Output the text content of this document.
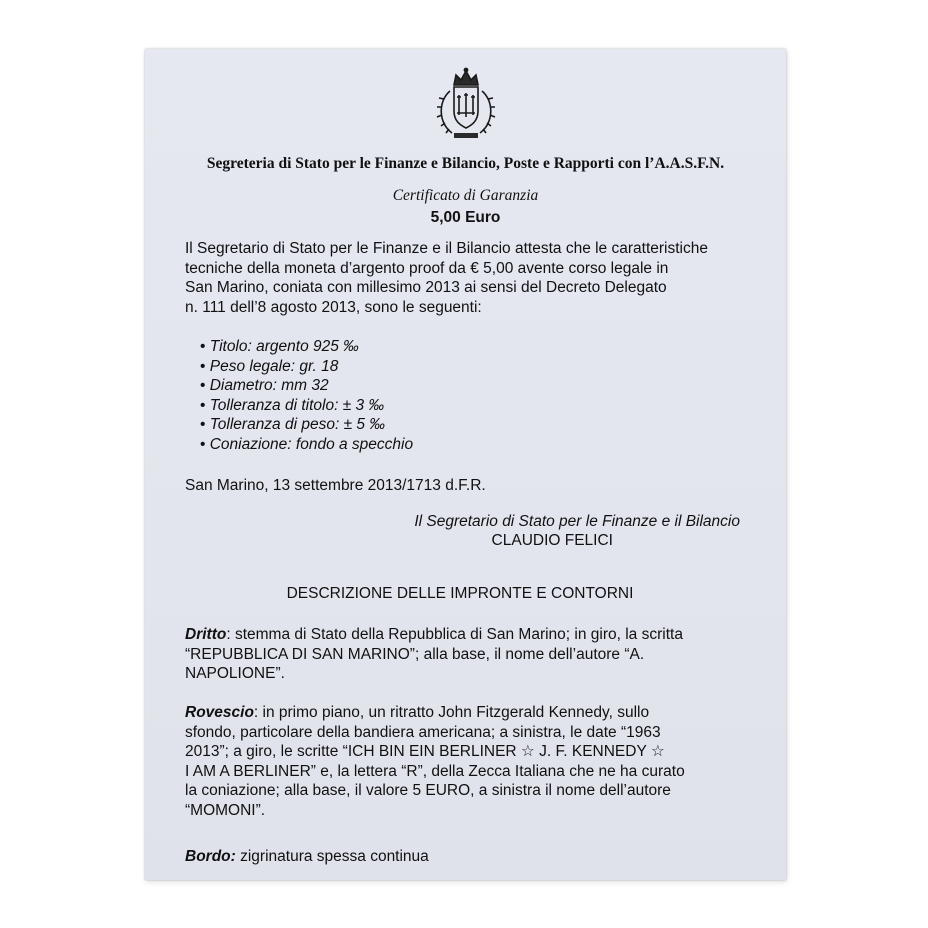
Segreteria di Stato per le Finanze e Bilancio, Poste e Rapporti con l’A.A.S.F.N.
Certificato di Garanzia
5,00 Euro
Il Segretario di Stato per le Finanze e il Bilancio attesta che le caratteristiche
tecniche della moneta d’argento proof da € 5,00 avente corso legale in
San Marino, coniata con millesimo 2013 ai sensi del Decreto Delegato
n. 111 dell’8 agosto 2013, sono le seguenti:
• Titolo: argento 925 ‰
• Peso legale: gr. 18
• Diametro: mm 32
• Tolleranza di titolo: ± 3 ‰
• Tolleranza di peso: ± 5 ‰
• Coniazione: fondo a specchio
San Marino, 13 settembre 2013/1713 d.F.R.
Il Segretario di Stato per le Finanze e il Bilancio
CLAUDIO FELICI
DESCRIZIONE DELLE IMPRONTE E CONTORNI
Dritto: stemma di Stato della Repubblica di San Marino; in giro, la scritta
“REPUBBLICA DI SAN MARINO”; alla base, il nome dell’autore “A.
NAPOLIONE”.
Rovescio: in primo piano, un ritratto John Fitzgerald Kennedy, sullo
sfondo, particolare della bandiera americana; a sinistra, le date “1963
2013”; a giro, le scritte “ICH BIN EIN BERLINER ☆ J. F. KENNEDY ☆
I AM A BERLINER” e, la lettera “R”, della Zecca Italiana che ne ha curato
la coniazione; alla base, il valore 5 EURO, a sinistra il nome dell’autore
“MOMONI”.
Bordo: zigrinatura spessa continua
